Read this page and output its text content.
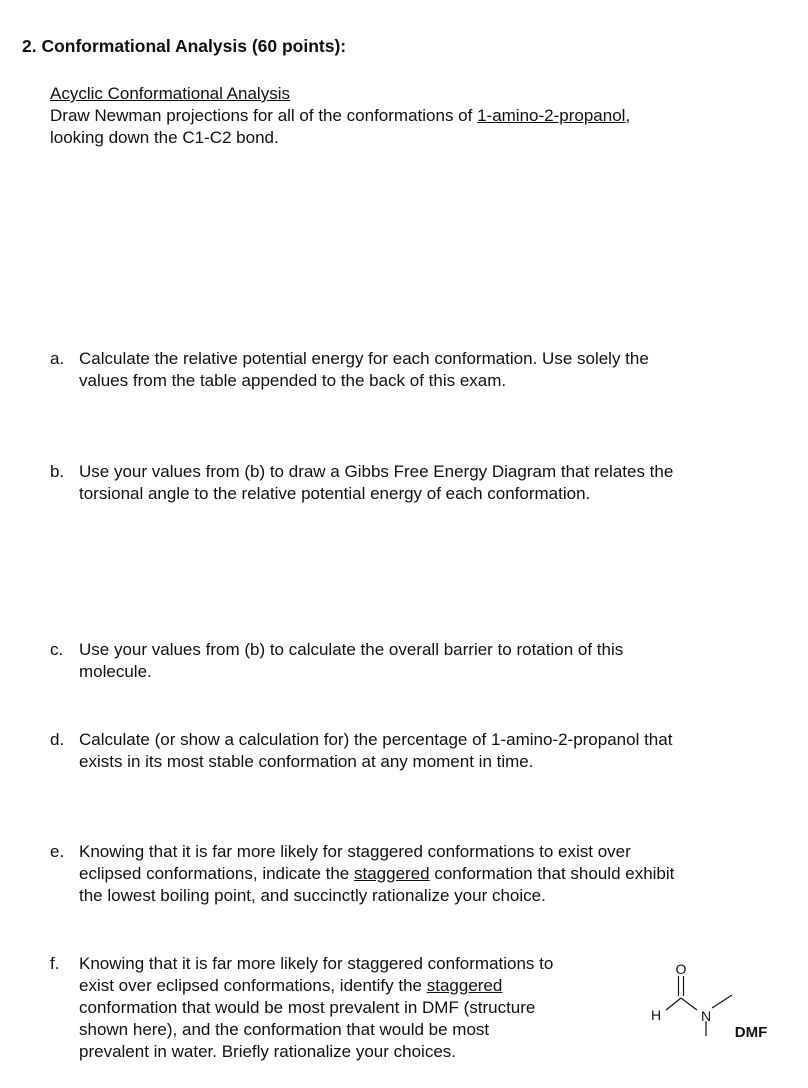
2. Conformational Analysis (60 points):
Acyclic Conformational Analysis
Draw Newman projections for all of the conformations of 1-amino-2-propanol,
looking down the C1-C2 bond.
a. Calculate the relative potential energy for each conformation. Use solely the
values from the table appended to the back of this exam.
b. Use your values from (b) to draw a Gibbs Free Energy Diagram that relates the
torsional angle to the relative potential energy of each conformation.
c. Use your values from (b) to calculate the overall barrier to rotation of this
molecule.
d. Calculate (or show a calculation for) the percentage of 1-amino-2-propanol that
exists in its most stable conformation at any moment in time.
e. Knowing that it is far more likely for staggered conformations to exist over
eclipsed conformations, indicate the staggered conformation that should exhibit
the lowest boiling point, and succinctly rationalize your choice.
f.	Knowing that it is far more likely for staggered conformations to
exist over eclipsed conformations, identify the staggered
conformation that would be most prevalent in DMF (structure
shown here), and the conformation that would be most
prevalent in water. Briefly rationalize your choices.
O
H	N
DMF
